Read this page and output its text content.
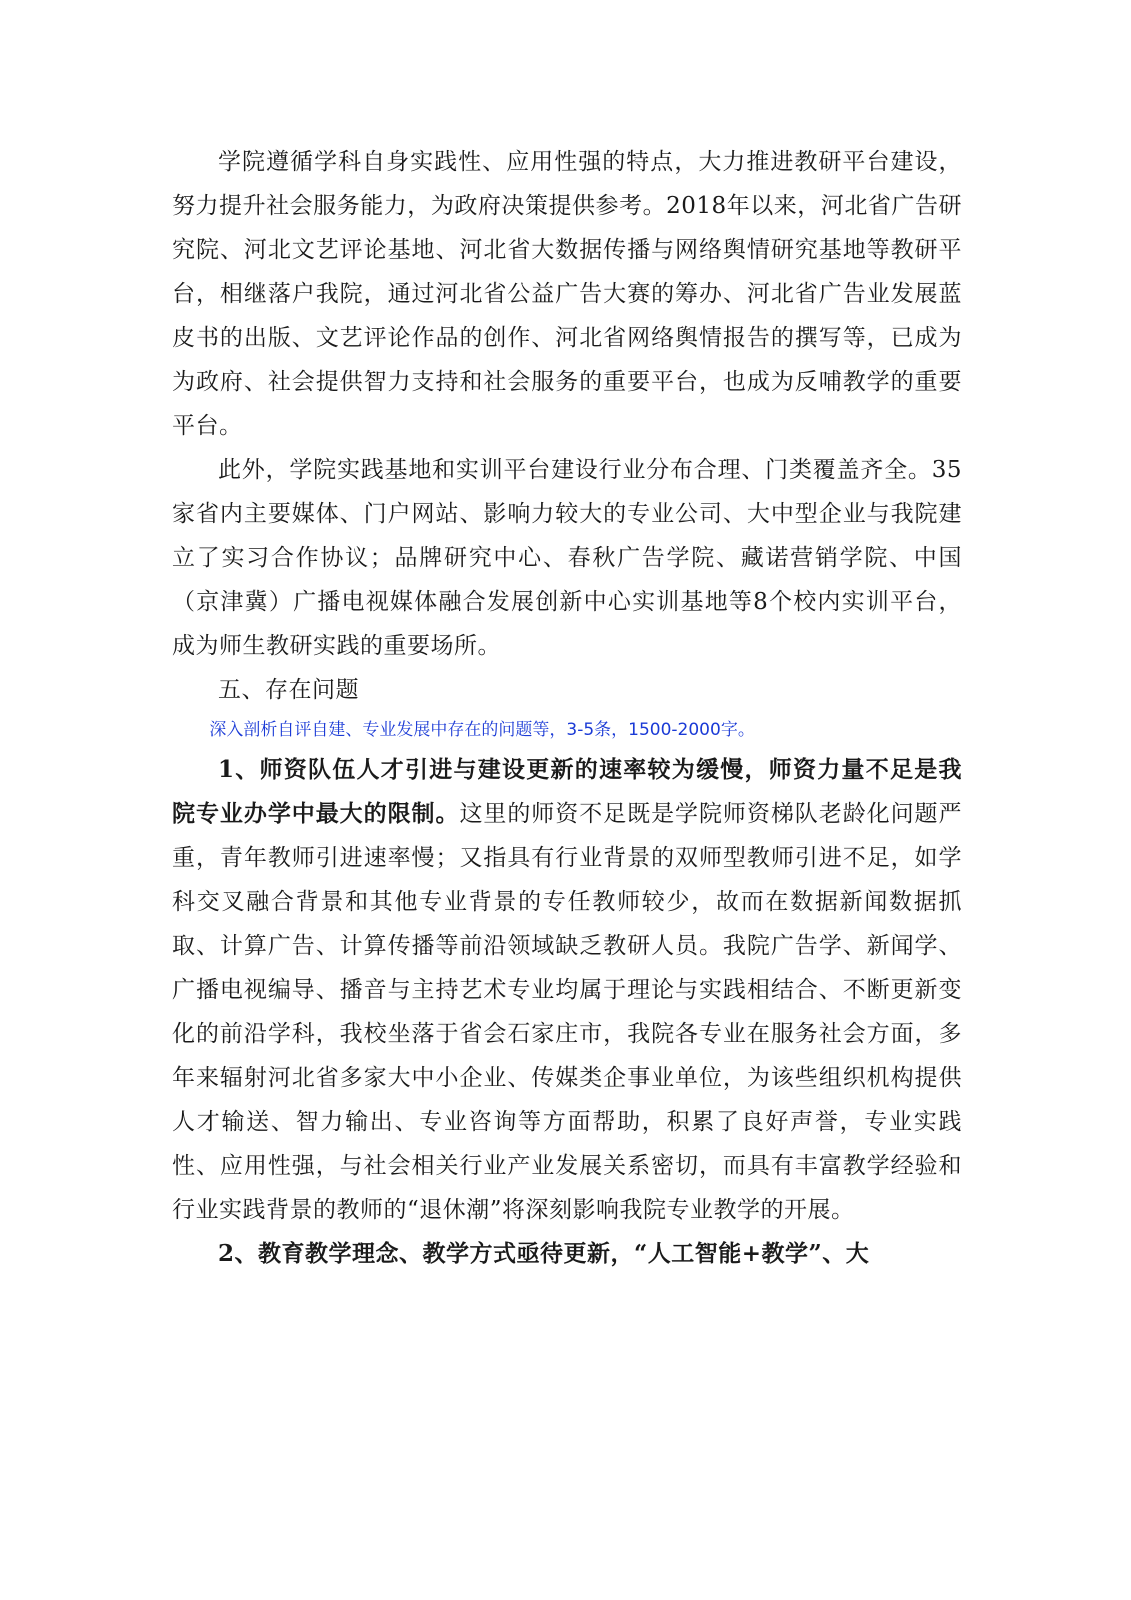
学院遵循学科自身实践性、应用性强的特点，大力推进教研平台建设，努力提升社会服务能力，为政府决策提供参考。2018年以来，河北省广告研究院、河北文艺评论基地、河北省大数据传播与网络舆情研究基地等教研平台，相继落户我院，通过河北省公益广告大赛的筹办、河北省广告业发展蓝皮书的出版、文艺评论作品的创作、河北省网络舆情报告的撰写等，已成为为政府、社会提供智力支持和社会服务的重要平台，也成为反哺教学的重要平台。

此外，学院实践基地和实训平台建设行业分布合理、门类覆盖齐全。35家省内主要媒体、门户网站、影响力较大的专业公司、大中型企业与我院建立了实习合作协议；品牌研究中心、春秋广告学院、藏诺营销学院、中国（京津冀）广播电视媒体融合发展创新中心实训基地等8个校内实训平台，成为师生教研实践的重要场所。

五、存在问题

深入剖析自评自建、专业发展中存在的问题等，3-5条，1500-2000字。

1、师资队伍人才引进与建设更新的速率较为缓慢，师资力量不足是我院专业办学中最大的限制。这里的师资不足既是学院师资梯队老龄化问题严重，青年教师引进速率慢；又指具有行业背景的双师型教师引进不足，如学科交叉融合背景和其他专业背景的专任教师较少，故而在数据新闻数据抓取、计算广告、计算传播等前沿领域缺乏教研人员。我院广告学、新闻学、广播电视编导、播音与主持艺术专业均属于理论与实践相结合、不断更新变化的前沿学科，我校坐落于省会石家庄市，我院各专业在服务社会方面，多年来辐射河北省多家大中小企业、传媒类企事业单位，为该些组织机构提供人才输送、智力输出、专业咨询等方面帮助，积累了良好声誉，专业实践性、应用性强，与社会相关行业产业发展关系密切，而具有丰富教学经验和行业实践背景的教师的“退休潮”将深刻影响我院专业教学的开展。

2、教育教学理念、教学方式亟待更新，“人工智能+教学”、大
